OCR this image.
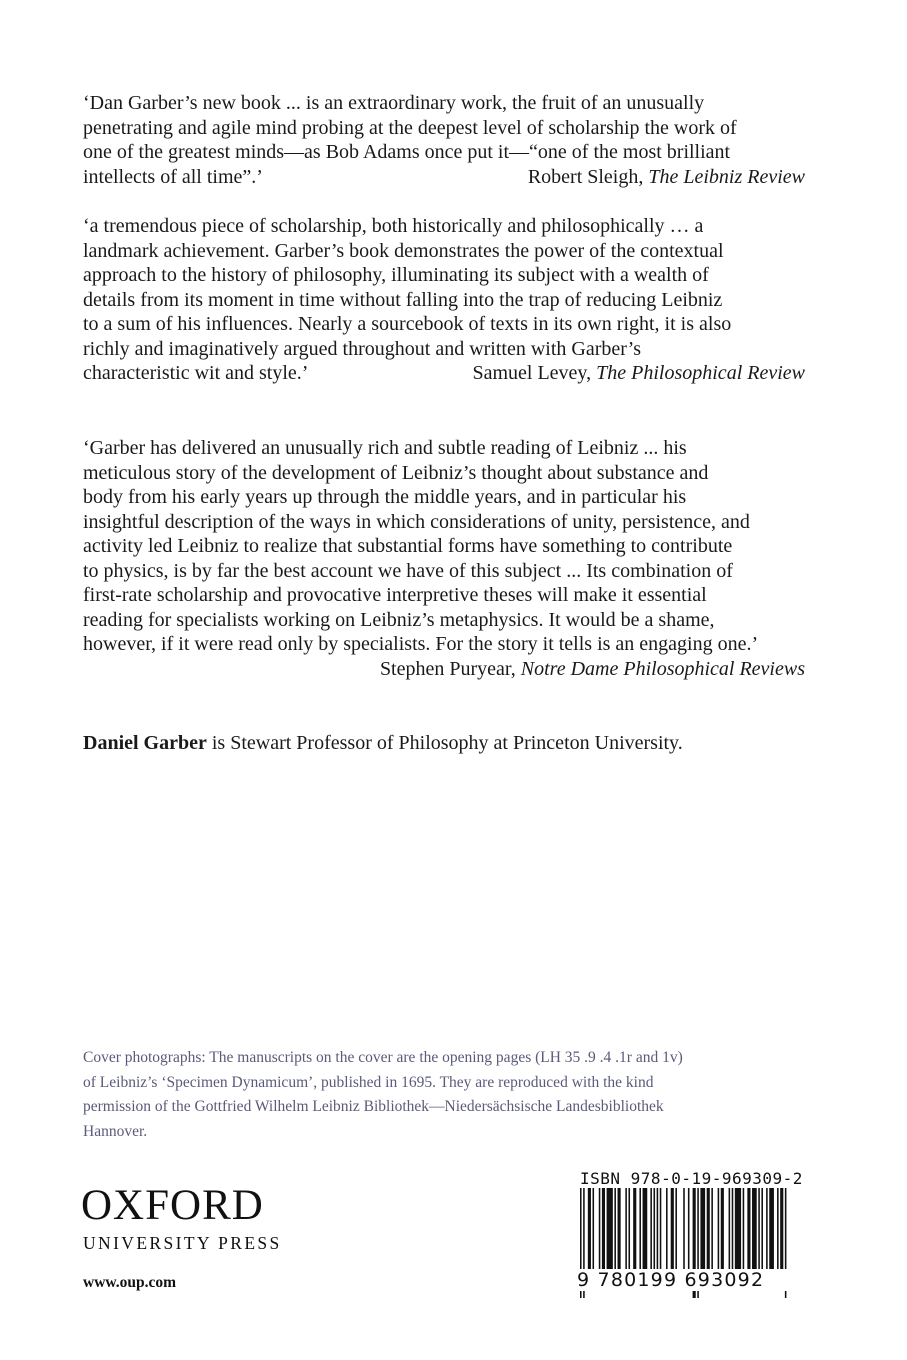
‘Dan Garber’s new book ... is an extraordinary work, the fruit of an unusually
penetrating and agile mind probing at the deepest level of scholarship the work of
one of the greatest minds—as Bob Adams once put it—“one of the most brilliant
intellects of all time”.’	Robert Sleigh, The Leibniz Review
‘a tremendous piece of scholarship, both historically and philosophically … a
landmark achievement. Garber’s book demonstrates the power of the contextual
approach to the history of philosophy, illuminating its subject with a wealth of
details from its moment in time without falling into the trap of reducing Leibniz
to a sum of his influences. Nearly a sourcebook of texts in its own right, it is also
richly and imaginatively argued throughout and written with Garber’s
characteristic wit and style.’	Samuel Levey, The Philosophical Review
‘Garber has delivered an unusually rich and subtle reading of Leibniz ... his
meticulous story of the development of Leibniz’s thought about substance and
body from his early years up through the middle years, and in particular his
insightful description of the ways in which considerations of unity, persistence, and
activity led Leibniz to realize that substantial forms have something to contribute
to physics, is by far the best account we have of this subject ... Its combination of
first-rate scholarship and provocative interpretive theses will make it essential
reading for specialists working on Leibniz’s metaphysics. It would be a shame,
however, if it were read only by specialists. For the story it tells is an engaging one.’
Stephen Puryear, Notre Dame Philosophical Reviews
Daniel Garber is Stewart Professor of Philosophy at Princeton University.
Cover photographs: The manuscripts on the cover are the opening pages (LH 35 .9 .4 .1r and 1v)
of Leibniz’s ‘Specimen Dynamicum’, published in 1695. They are reproduced with the kind
permission of the Gottfried Wilhelm Leibniz Bibliothek—Niedersächsische Landesbibliothek
Hannover.
OXFORD
UNIVERSITY PRESS
www.oup.com
ISBN 978-0-19-969309-2
9 780199 693092
